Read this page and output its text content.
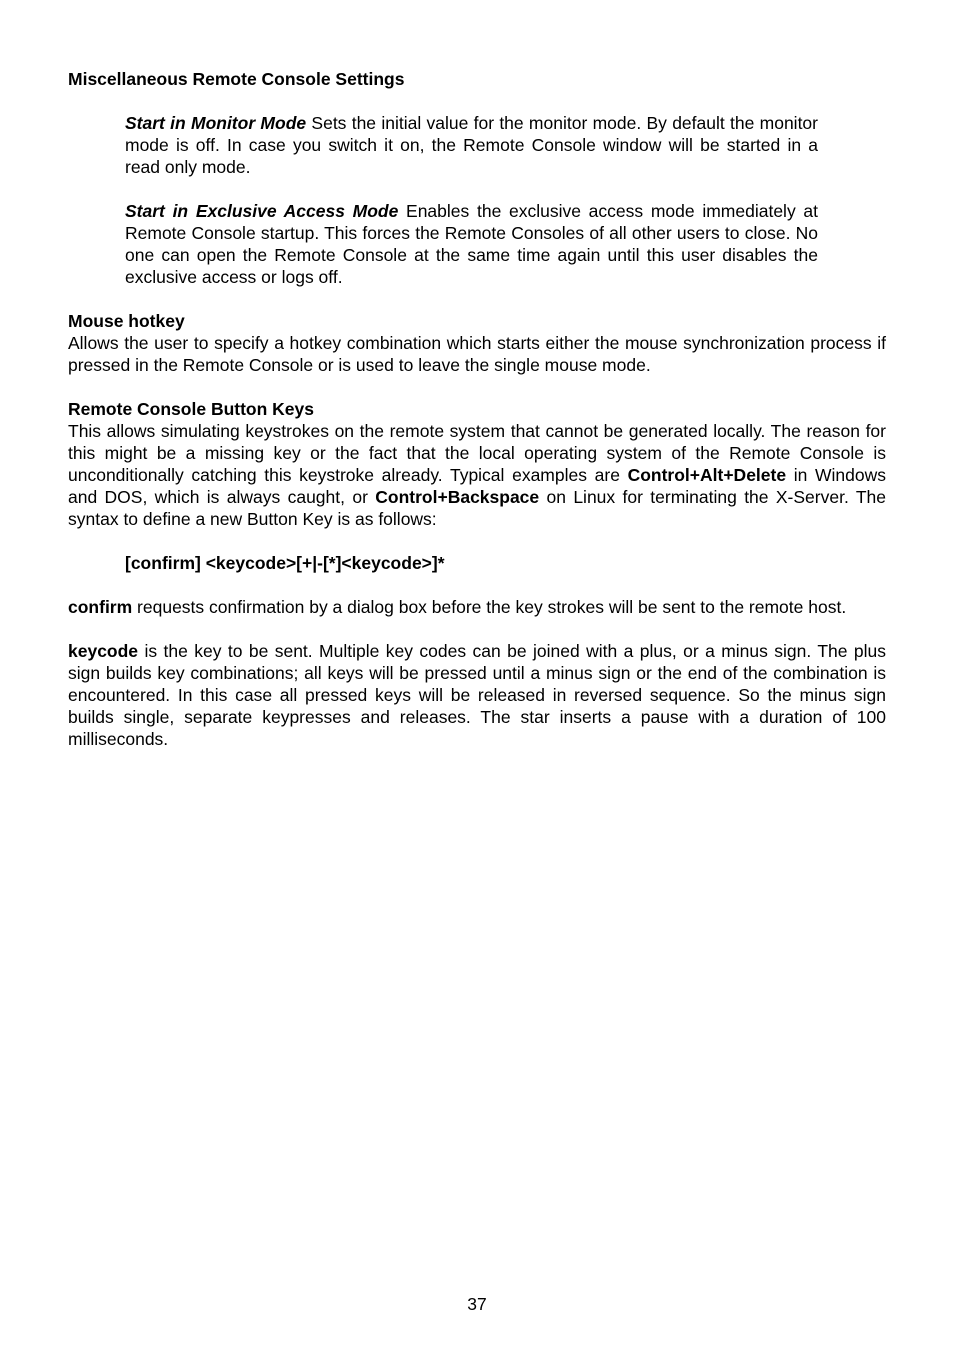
Miscellaneous Remote Console Settings

Start in Monitor Mode Sets the initial value for the monitor mode. By default the monitor mode is off. In case you switch it on, the Remote Console window will be started in a read only mode.

Start in Exclusive Access Mode Enables the exclusive access mode immediately at Remote Console startup. This forces the Remote Consoles of all other users to close. No one can open the Remote Console at the same time again until this user disables the exclusive access or logs off.

Mouse hotkey

Allows the user to specify a hotkey combination which starts either the mouse synchronization process if pressed in the Remote Console or is used to leave the single mouse mode.

Remote Console Button Keys

This allows simulating keystrokes on the remote system that cannot be generated locally. The reason for this might be a missing key or the fact that the local operating system of the Remote Console is unconditionally catching this keystroke already. Typical examples are Control+Alt+Delete in Windows and DOS, which is always caught, or Control+Backspace on Linux for terminating the X-Server. The syntax to define a new Button Key is as follows:

[confirm] <keycode>[+|-[*]<keycode>]*

confirm requests confirmation by a dialog box before the key strokes will be sent to the remote host.

keycode is the key to be sent. Multiple key codes can be joined with a plus, or a minus sign. The plus sign builds key combinations; all keys will be pressed until a minus sign or the end of the combination is encountered. In this case all pressed keys will be released in reversed sequence. So the minus sign builds single, separate keypresses and releases. The star inserts a pause with a duration of 100 milliseconds.

37
